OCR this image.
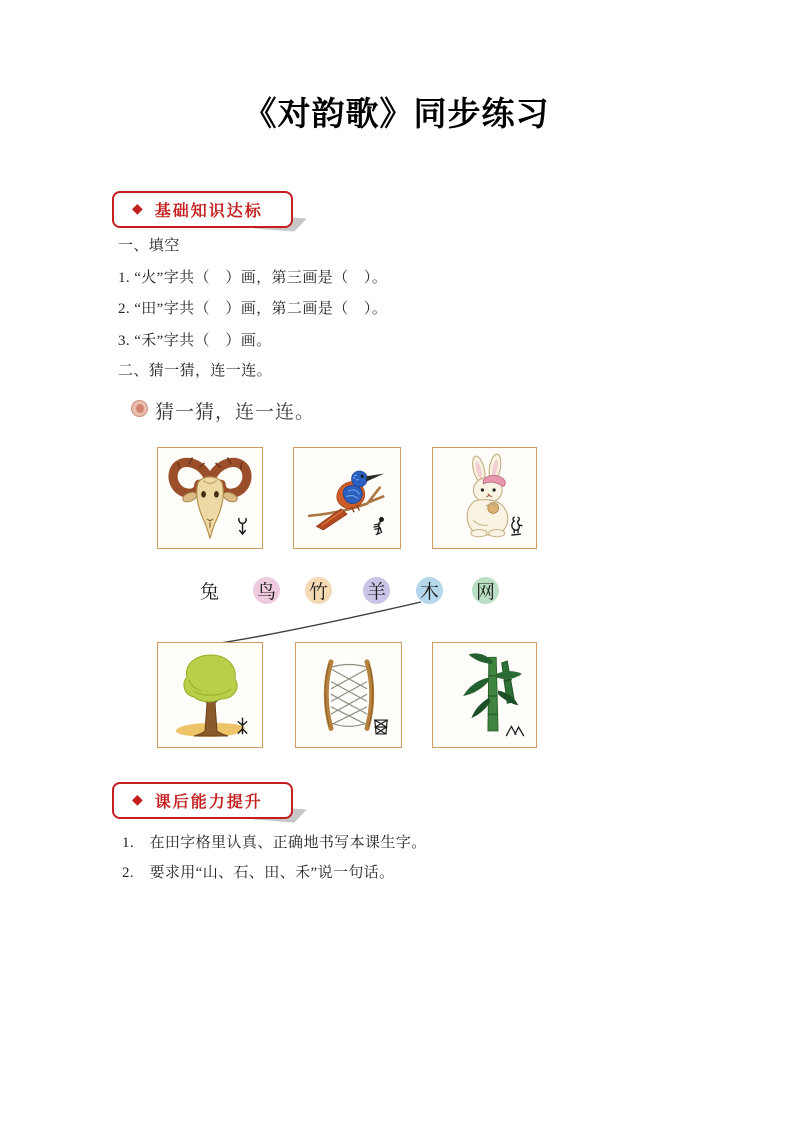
《对韵歌》同步练习
◆ 基础知识达标
一、填空
1. “火”字共（　）画，第三画是（　）。
2. “田”字共（　）画，第二画是（　）。
3. “禾”字共（　）画。
二、猜一猜，连一连。
猜一猜，连一连。
兔 鸟 竹 羊 木 网
◆ 课后能力提升
1.　在田字格里认真、正确地书写本课生字。
2.　要求用“山、石、田、禾”说一句话。
